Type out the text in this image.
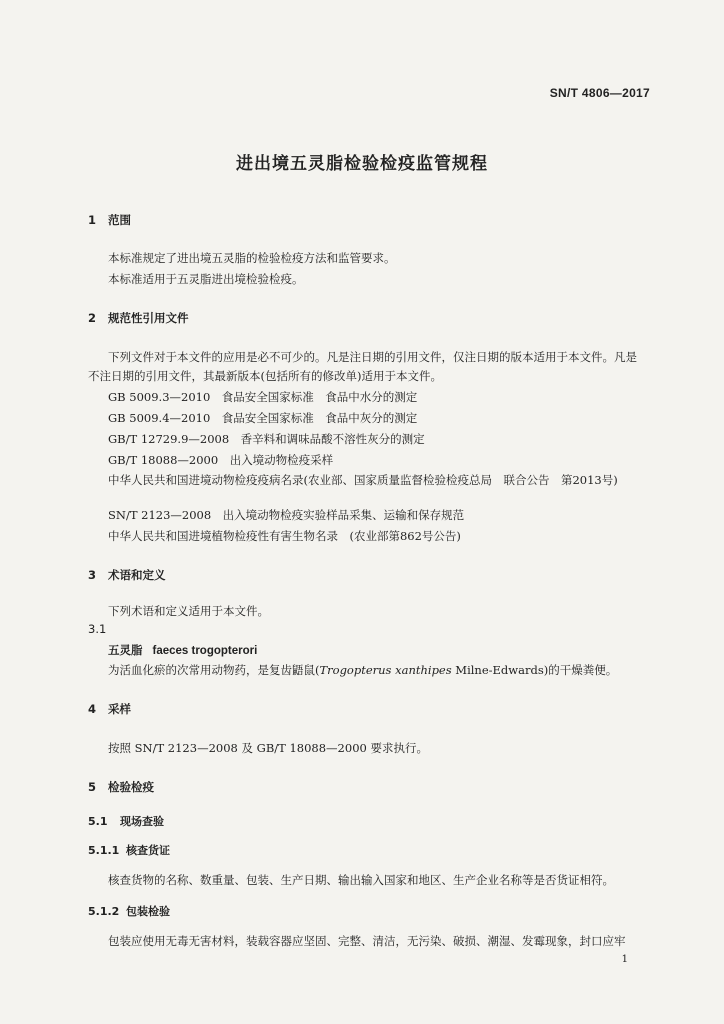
SN/T 4806—2017
进出境五灵脂检验检疫监管规程
1 范围
本标准规定了进出境五灵脂的检验检疫方法和监管要求。
本标准适用于五灵脂进出境检验检疫。
2 规范性引用文件
下列文件对于本文件的应用是必不可少的。凡是注日期的引用文件，仅注日期的版本适用于本文件。凡是不注日期的引用文件，其最新版本(包括所有的修改单)适用于本文件。
GB 5009.3—2010　食品安全国家标准　食品中水分的测定
GB 5009.4—2010　食品安全国家标准　食品中灰分的测定
GB/T 12729.9—2008　香辛料和调味品酸不溶性灰分的测定
GB/T 18088—2000　出入境动物检疫采样
中华人民共和国进境动物检疫疫病名录(农业部、国家质量监督检验检疫总局　联合公告　第2013号)
SN/T 2123—2008　出入境动物检疫实验样品采集、运输和保存规范
中华人民共和国进境植物检疫性有害生物名录　(农业部第862号公告)
3 术语和定义
下列术语和定义适用于本文件。
3.1
五灵脂 faeces trogopterori
为活血化瘀的次常用动物药，是复齿鼯鼠(Trogopterus xanthipes Milne-Edwards)的干燥粪便。
4 采样
按照 SN/T 2123—2008 及 GB/T 18088—2000 要求执行。
5 检验检疫
5.1 现场查验
5.1.1 核查货证
核查货物的名称、数重量、包装、生产日期、输出输入国家和地区、生产企业名称等是否货证相符。
5.1.2 包装检验
包装应使用无毒无害材料，装载容器应坚固、完整、清洁，无污染、破损、潮湿、发霉现象，封口应牢
1
